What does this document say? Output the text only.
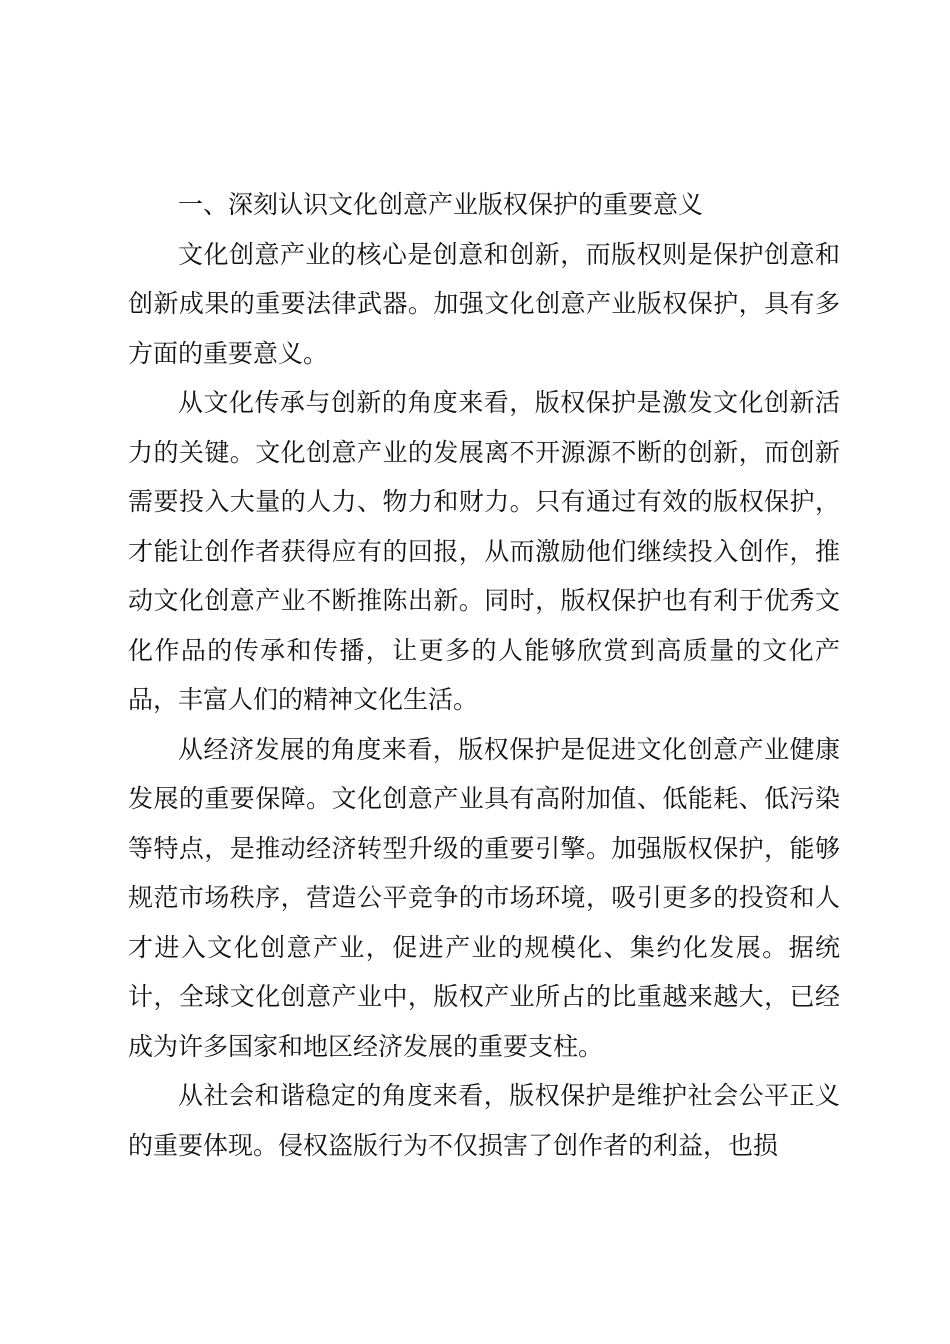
一、深刻认识文化创意产业版权保护的重要意义

文化创意产业的核心是创意和创新，而版权则是保护创意和创新成果的重要法律武器。加强文化创意产业版权保护，具有多方面的重要意义。

从文化传承与创新的角度来看，版权保护是激发文化创新活力的关键。文化创意产业的发展离不开源源不断的创新，而创新需要投入大量的人力、物力和财力。只有通过有效的版权保护，才能让创作者获得应有的回报，从而激励他们继续投入创作，推动文化创意产业不断推陈出新。同时，版权保护也有利于优秀文化作品的传承和传播，让更多的人能够欣赏到高质量的文化产品，丰富人们的精神文化生活。

从经济发展的角度来看，版权保护是促进文化创意产业健康发展的重要保障。文化创意产业具有高附加值、低能耗、低污染等特点，是推动经济转型升级的重要引擎。加强版权保护，能够规范市场秩序，营造公平竞争的市场环境，吸引更多的投资和人才进入文化创意产业，促进产业的规模化、集约化发展。据统计，全球文化创意产业中，版权产业所占的比重越来越大，已经成为许多国家和地区经济发展的重要支柱。

从社会和谐稳定的角度来看，版权保护是维护社会公平正义的重要体现。侵权盗版行为不仅损害了创作者的利益，也损
